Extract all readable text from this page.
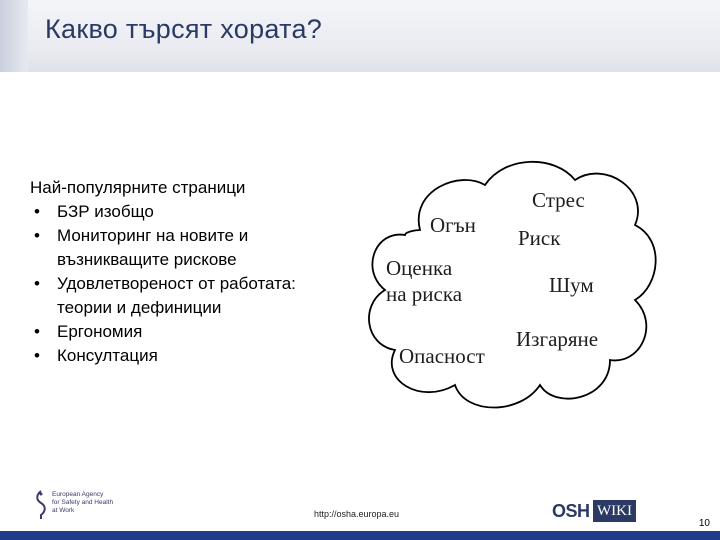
Какво търсят хората?

Най-популярните страници

• БЗР изобщо
• Мониторинг на новите и възникващите рискове
• Удовлетвореност от работата: теории и дефиниции
• Ергономия
• Консултация
Стрес
Огън
Риск
Оценка
на риска	Шум
Изгаряне
Опасност
European Agency
for Safety and Health
at Work	http://osha.europa.eu	OSH WIKI
10
